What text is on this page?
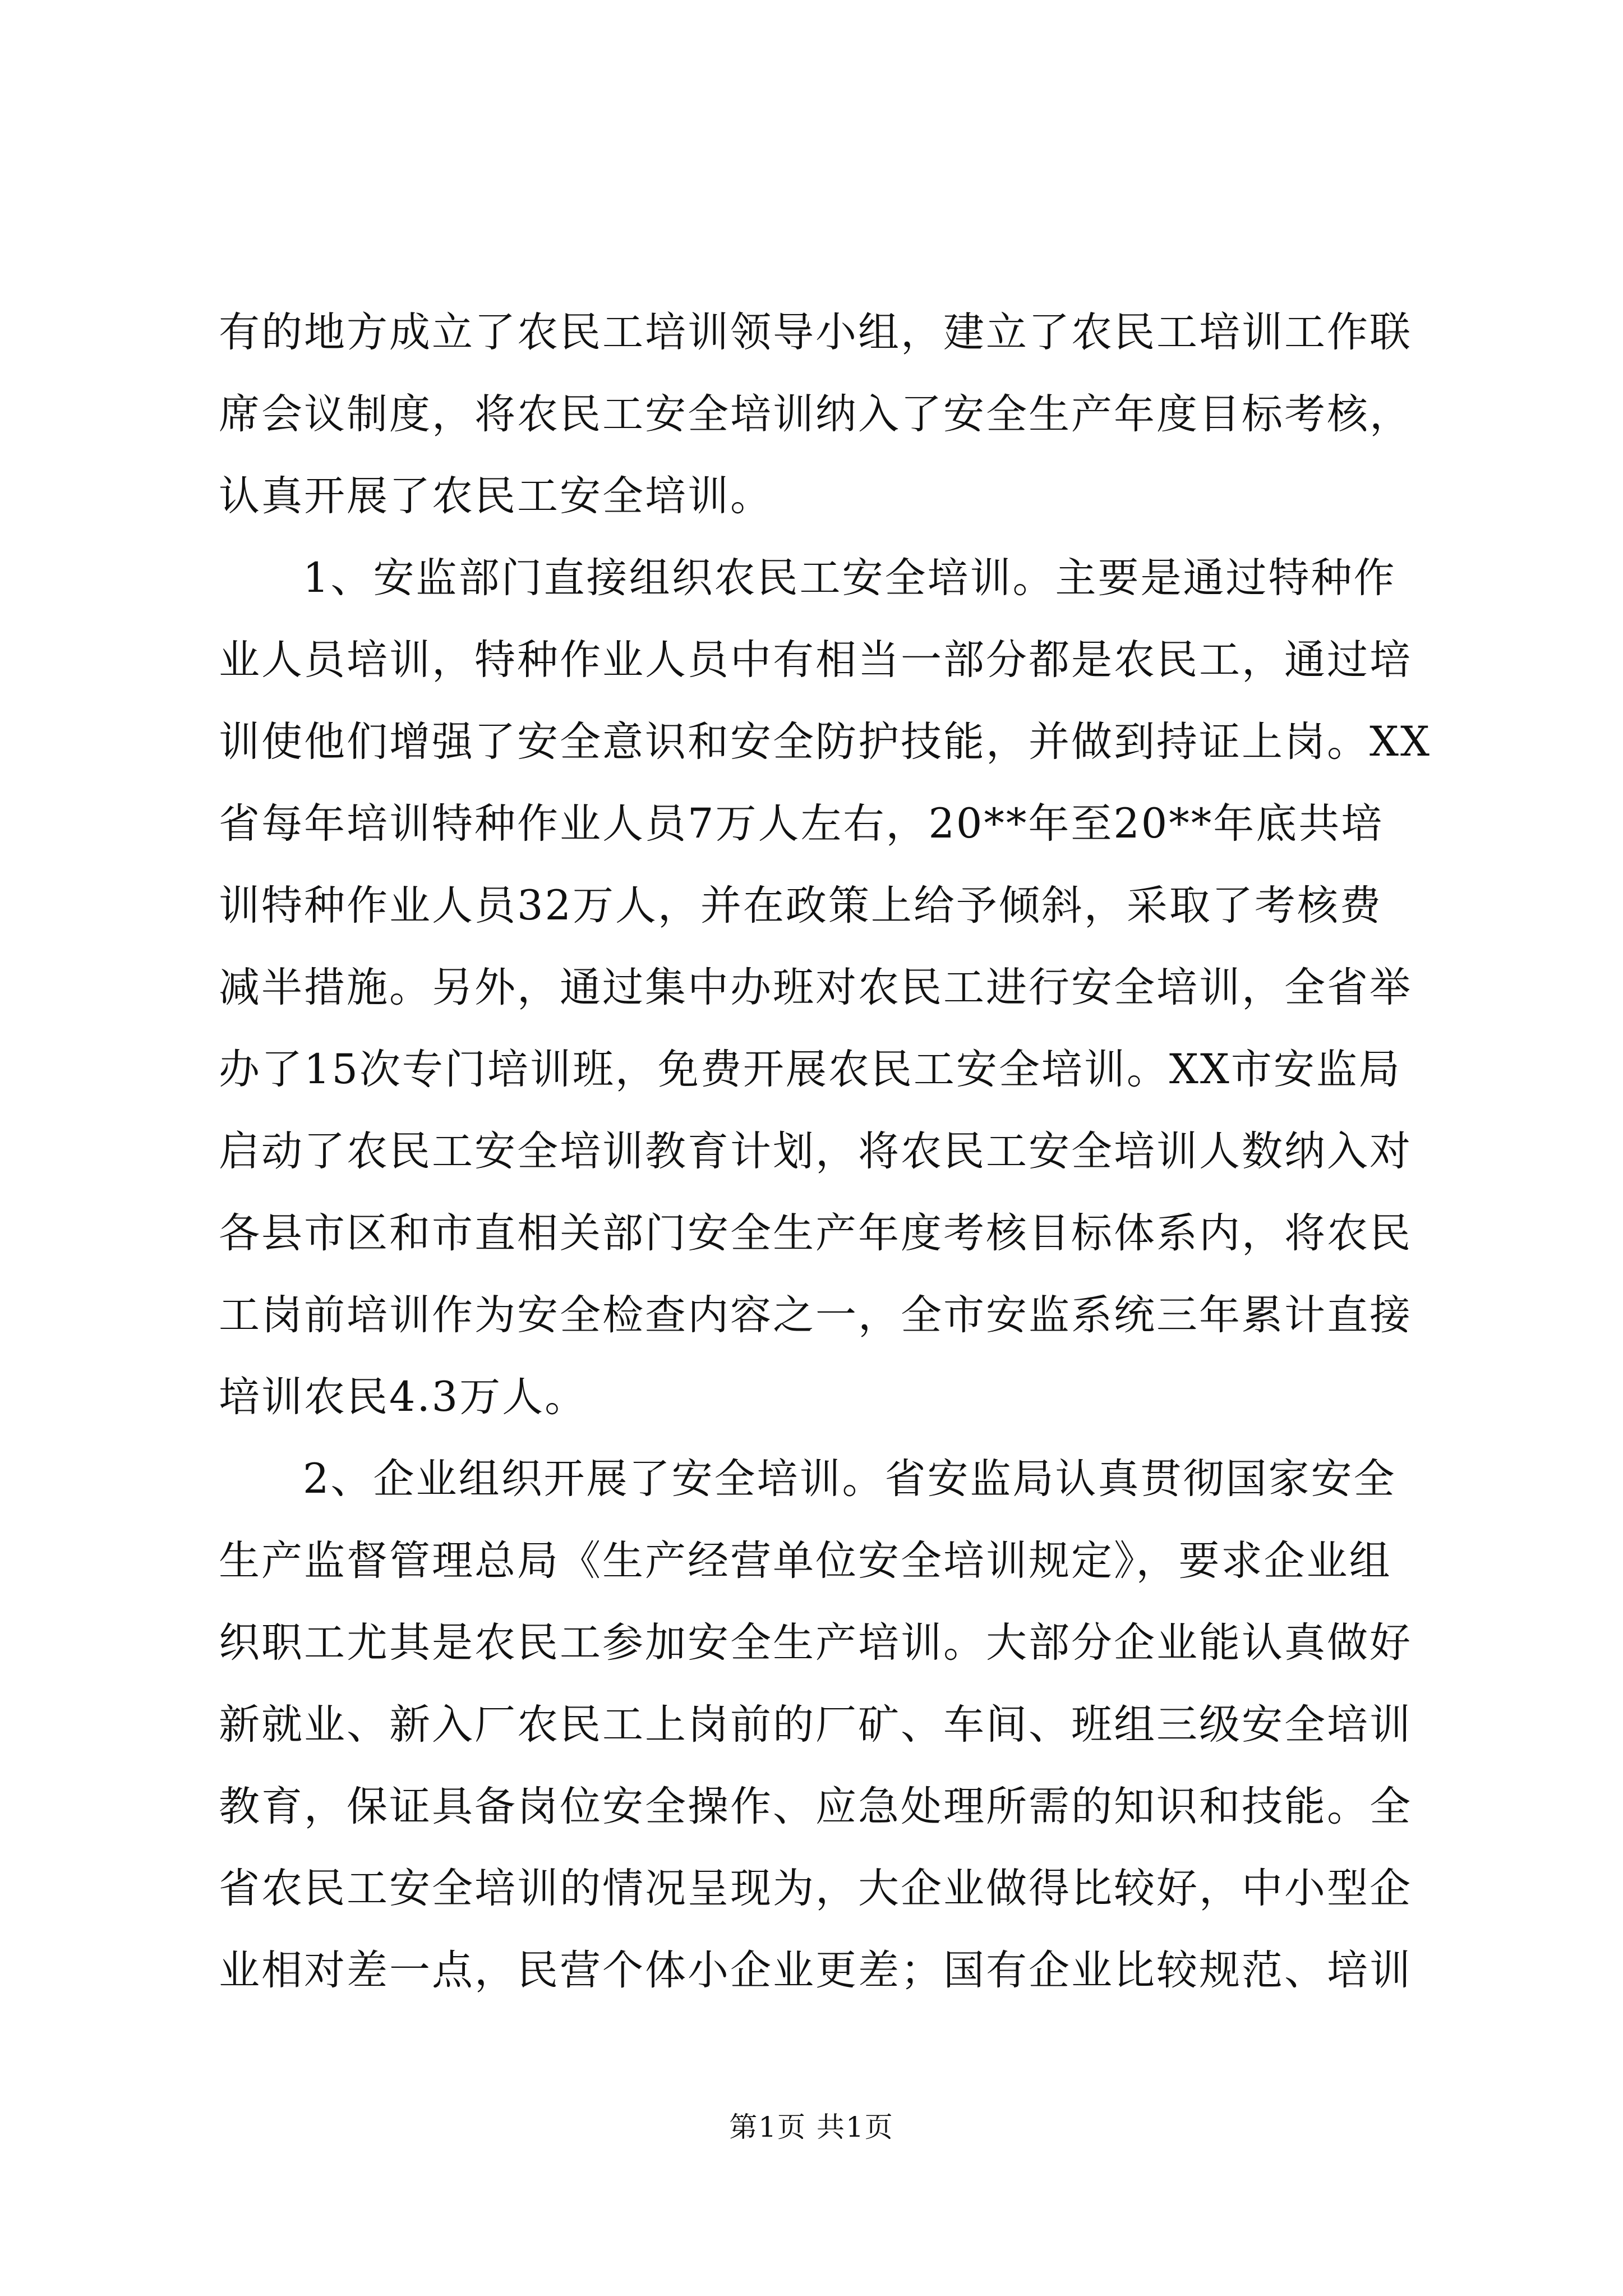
有的地方成立了农民工培训领导小组，建立了农民工培训工作联
席会议制度，将农民工安全培训纳入了安全生产年度目标考核，
认真开展了农民工安全培训。
1、安监部门直接组织农民工安全培训。主要是通过特种作
业人员培训，特种作业人员中有相当一部分都是农民工，通过培
训使他们增强了安全意识和安全防护技能，并做到持证上岗。XX
省每年培训特种作业人员7万人左右，20**年至20**年底共培
训特种作业人员32万人，并在政策上给予倾斜，采取了考核费
减半措施。另外，通过集中办班对农民工进行安全培训，全省举
办了15次专门培训班，免费开展农民工安全培训。XX市安监局
启动了农民工安全培训教育计划，将农民工安全培训人数纳入对
各县市区和市直相关部门安全生产年度考核目标体系内，将农民
工岗前培训作为安全检查内容之一，全市安监系统三年累计直接
培训农民4.3万人。
2、企业组织开展了安全培训。省安监局认真贯彻国家安全
生产监督管理总局《生产经营单位安全培训规定》，要求企业组
织职工尤其是农民工参加安全生产培训。大部分企业能认真做好
新就业、新入厂农民工上岗前的厂矿、车间、班组三级安全培训
教育，保证具备岗位安全操作、应急处理所需的知识和技能。全
省农民工安全培训的情况呈现为，大企业做得比较好，中小型企
业相对差一点，民营个体小企业更差；国有企业比较规范、培训
第1页 共1页
